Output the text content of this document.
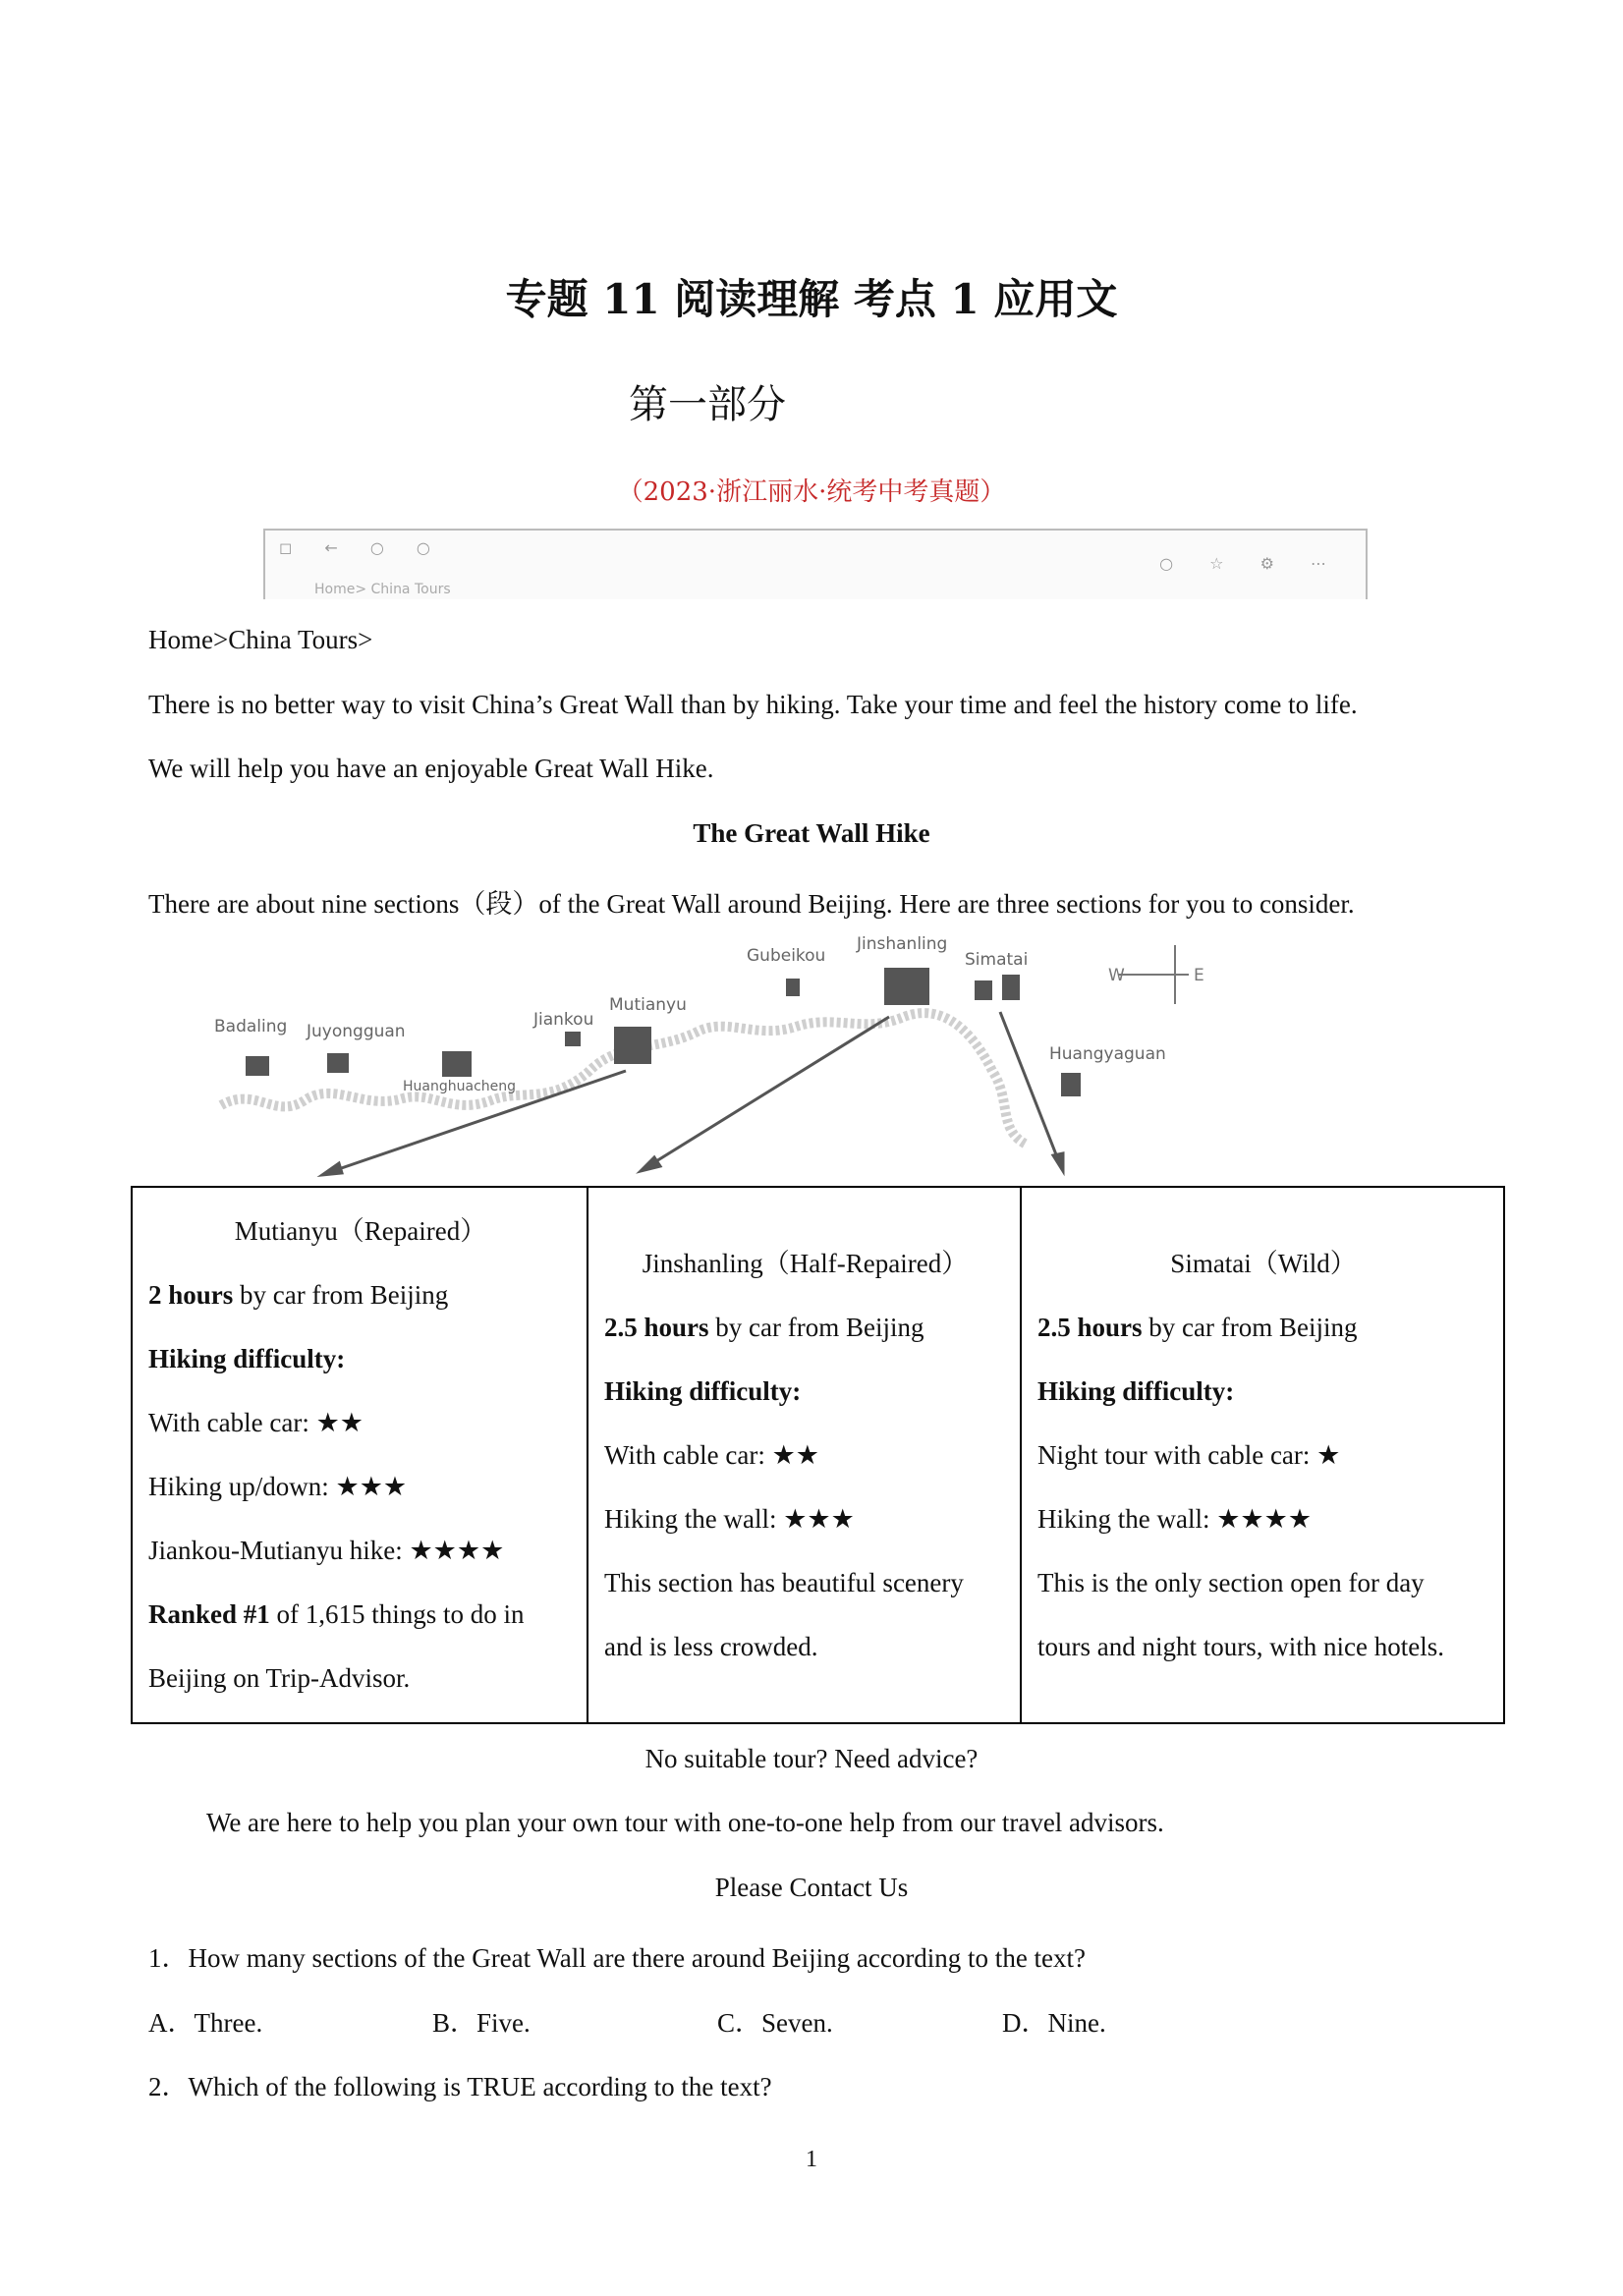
专题 11 阅读理解 考点 1 应用文
第一部分
（2023·浙江丽水·统考中考真题）
◻ ← ○ ○
○ ☆ ⚙ ⋯
Home> China Tours
Home>China Tours>
There is no better way to visit China’s Great Wall than by hiking. Take your time and feel the history come to life.
We will help you have an enjoyable Great Wall Hike.
The Great Wall Hike
There are about nine sections（段）of the Great Wall around Beijing. Here are three sections for you to consider.
Badaling Juyongguan
Huanghuacheng
Jiankou
Mutianyu
Gubeikou
Jinshanling
Simatai
Huangyaguan
W	E
Mutianyu（Repaired）
2 hours by car from Beijing
Hiking difficulty:
With cable car: ★★
Hiking up/down: ★★★
Jiankou-Mutianyu hike: ★★★★
Ranked #1 of 1,615 things to do in
Beijing on Trip-Advisor.

Jinshanling（Half-Repaired）
2.5 hours by car from Beijing
Hiking difficulty:
With cable car: ★★
Hiking the wall: ★★★
This section has beautiful scenery
and is less crowded.

Simatai（Wild）
2.5 hours by car from Beijing
Hiking difficulty:
Night tour with cable car: ★
Hiking the wall: ★★★★
This is the only section open for day
tours and night tours, with nice hotels.
No suitable tour? Need advice?
We are here to help you plan your own tour with one-to-one help from our travel advisors.
Please Contact Us
1．How many sections of the Great Wall are there around Beijing according to the text?
A．Three.	B．Five.	C．Seven.	D．Nine.
2．Which of the following is TRUE according to the text?
1
